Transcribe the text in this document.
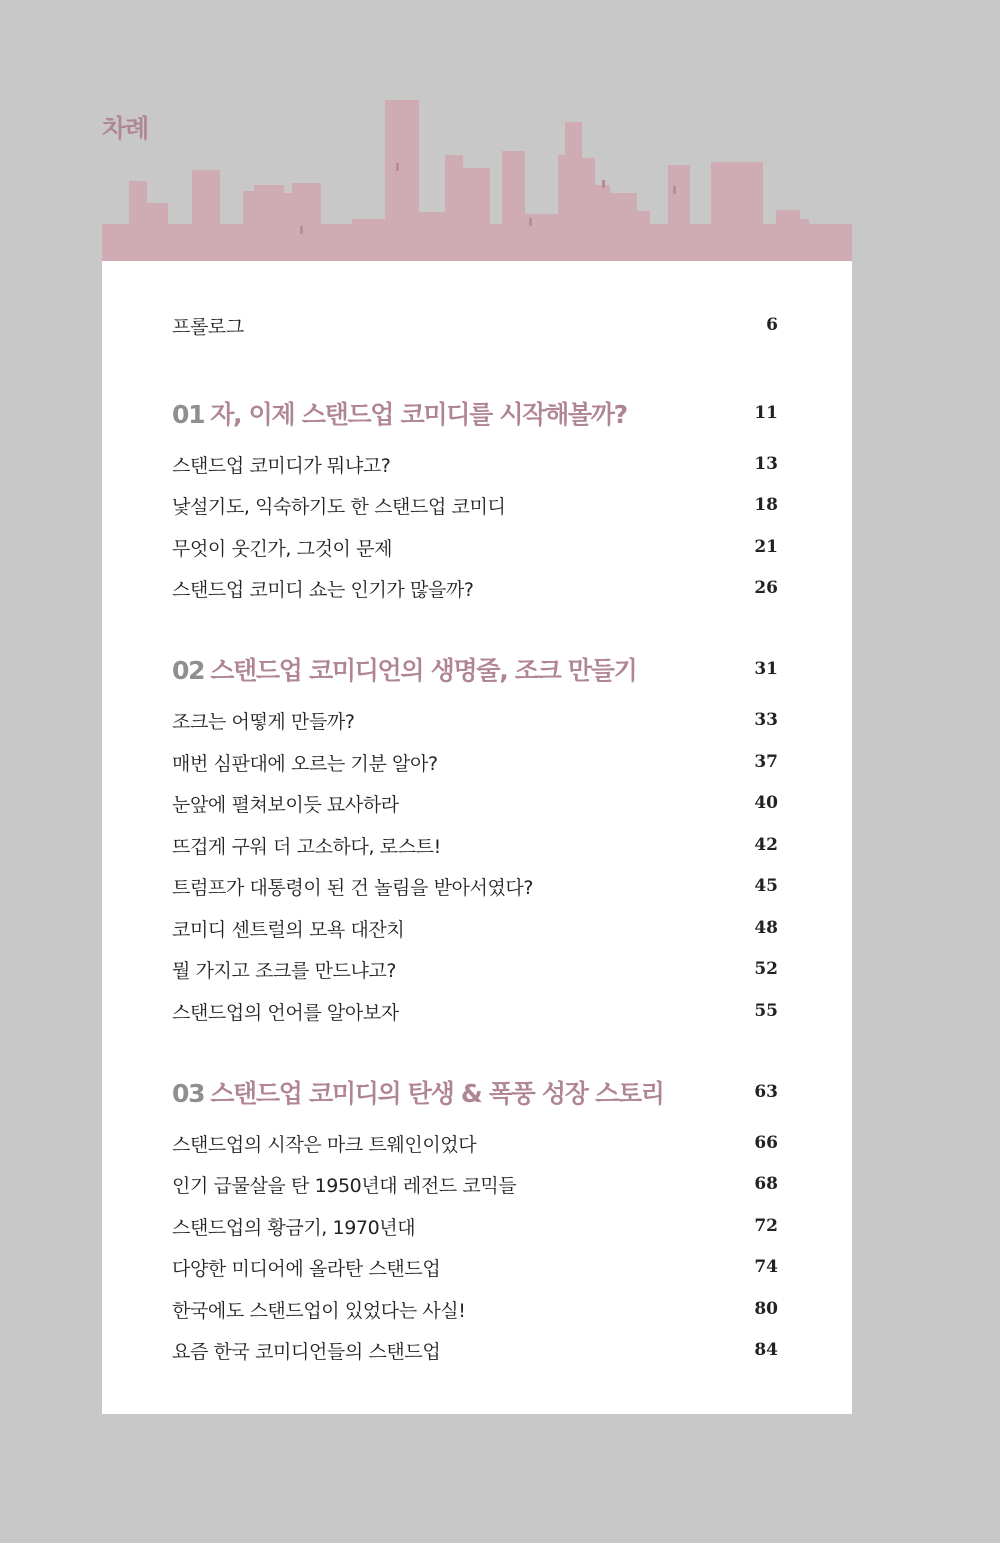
차례
프롤로그	6
01 자, 이제 스탠드업 코미디를 시작해볼까?	11
스탠드업 코미디가 뭐냐고?	13
낯설기도, 익숙하기도 한 스탠드업 코미디	18
무엇이 웃긴가, 그것이 문제	21
스탠드업 코미디 쇼는 인기가 많을까?	26
02 스탠드업 코미디언의 생명줄, 조크 만들기	31
조크는 어떻게 만들까?	33
매번 심판대에 오르는 기분 알아?	37
눈앞에 펼쳐보이듯 묘사하라	40
뜨겁게 구워 더 고소하다, 로스트!	42
트럼프가 대통령이 된 건 놀림을 받아서였다?	45
코미디 센트럴의 모욕 대잔치	48
뭘 가지고 조크를 만드냐고?	52
스탠드업의 언어를 알아보자	55
03 스탠드업 코미디의 탄생 & 폭풍 성장 스토리	63
스탠드업의 시작은 마크 트웨인이었다	66
인기 급물살을 탄 1950년대 레전드 코믹들	68
스탠드업의 황금기, 1970년대	72
다양한 미디어에 올라탄 스탠드업	74
한국에도 스탠드업이 있었다는 사실!	80
요즘 한국 코미디언들의 스탠드업	84
